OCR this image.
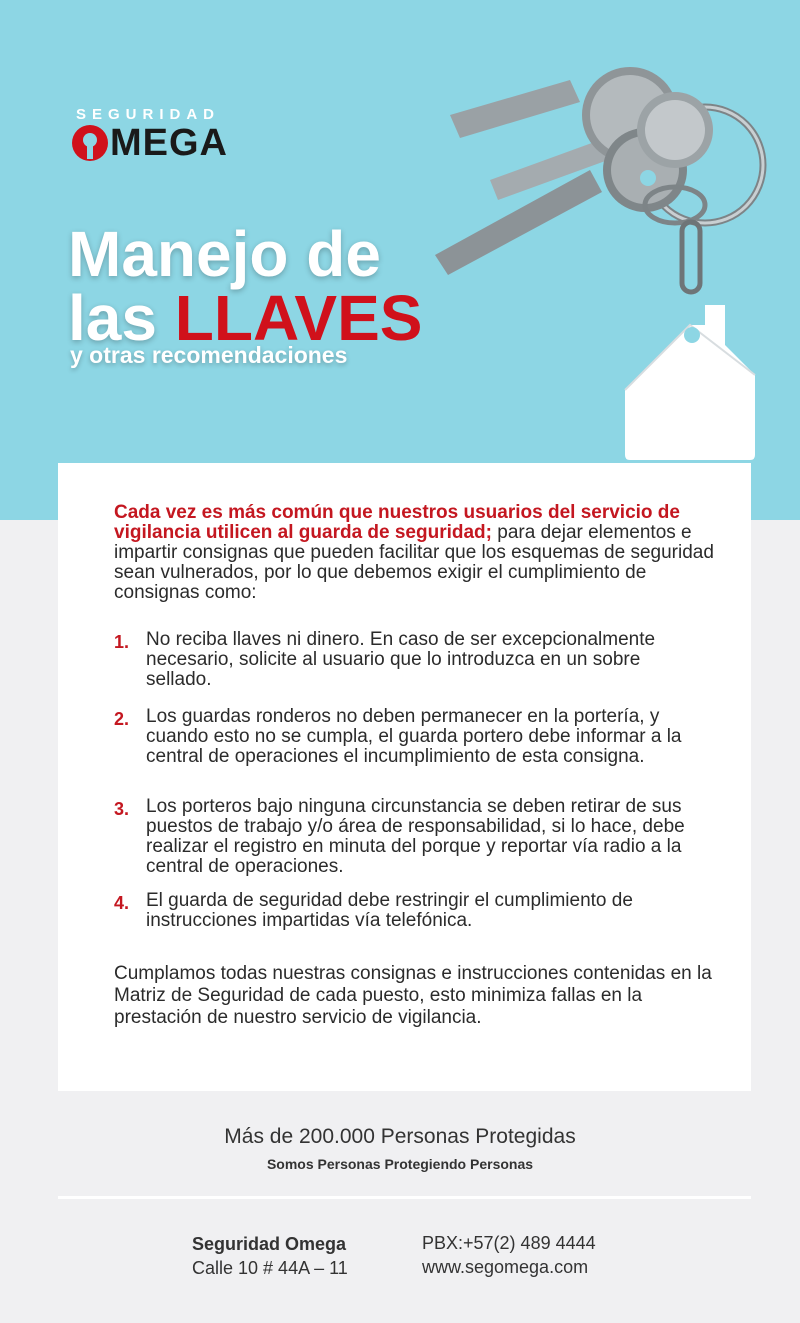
SEGURIDAD
MEGA
Manejo de
las LLAVES

y otras recomendaciones

Cada vez es más común que nuestros usuarios del servicio de vigilancia utilicen al guarda de seguridad; para dejar elementos e impartir consignas que pueden facilitar que los esquemas de seguridad sean vulnerados, por lo que debemos exigir el cumplimiento de consignas como:

1. No reciba llaves ni dinero. En caso de ser excepcionalmente necesario, solicite al usuario que lo introduzca en un sobre sellado.
2. Los guardas ronderos no deben permanecer en la portería, y cuando esto no se cumpla, el guarda portero debe informar a la central de operaciones el incumplimiento de esta consigna.
3. Los porteros bajo ninguna circunstancia se deben retirar de sus puestos de trabajo y/o área de responsabilidad, si lo hace, debe realizar el registro en minuta del porque y reportar vía radio a la central de operaciones.
4. El guarda de seguridad debe restringir el cumplimiento de instrucciones impartidas vía telefónica.

Cumplamos todas nuestras consignas e instrucciones contenidas en la Matriz de Seguridad de cada puesto, esto minimiza fallas en la prestación de nuestro servicio de vigilancia.

Más de 200.000 Personas Protegidas
Somos Personas Protegiendo Personas
Seguridad Omega
Calle 10 # 44A – 11
PBX:+57(2) 489 4444
www.segomega.com
